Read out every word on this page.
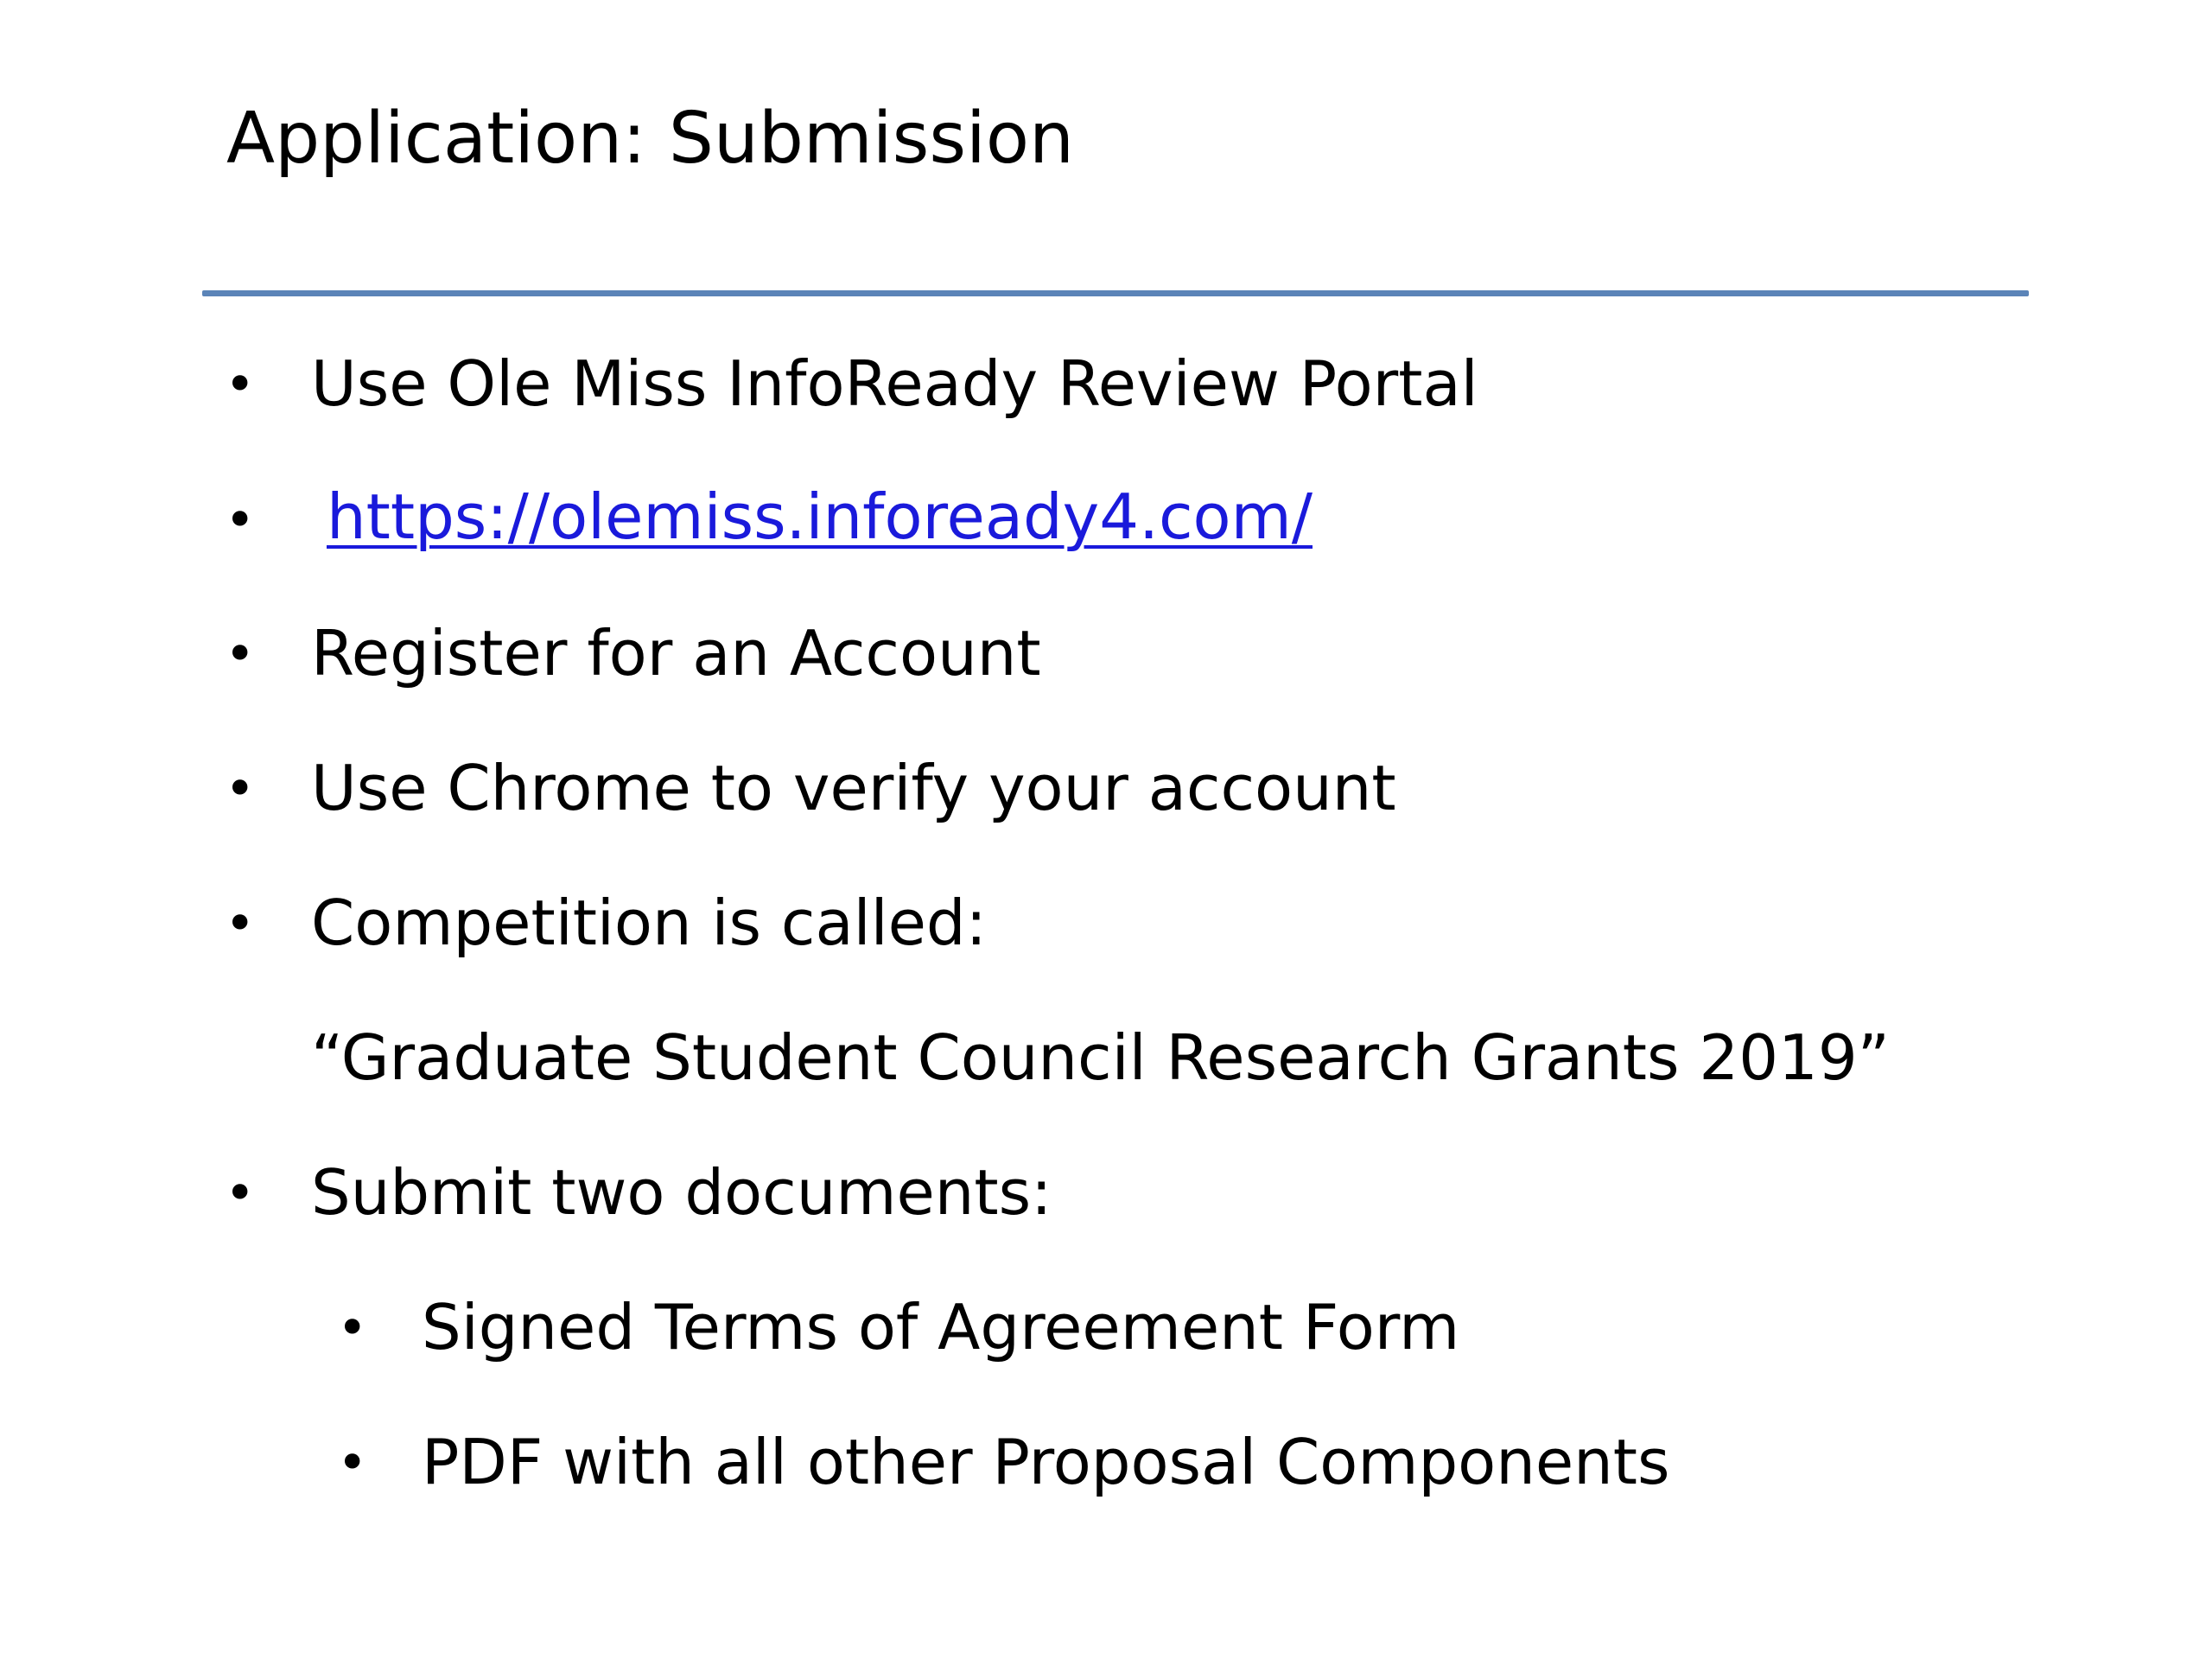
Application: Submission
• Use Ole Miss InfoReady Review Portal
• https://olemiss.infoready4.com/
• Register for an Account
• Use Chrome to verify your account
• Competition is called:
“Graduate Student Council Research Grants 2019”
• Submit two documents:
• Signed Terms of Agreement Form
• PDF with all other Proposal Components
